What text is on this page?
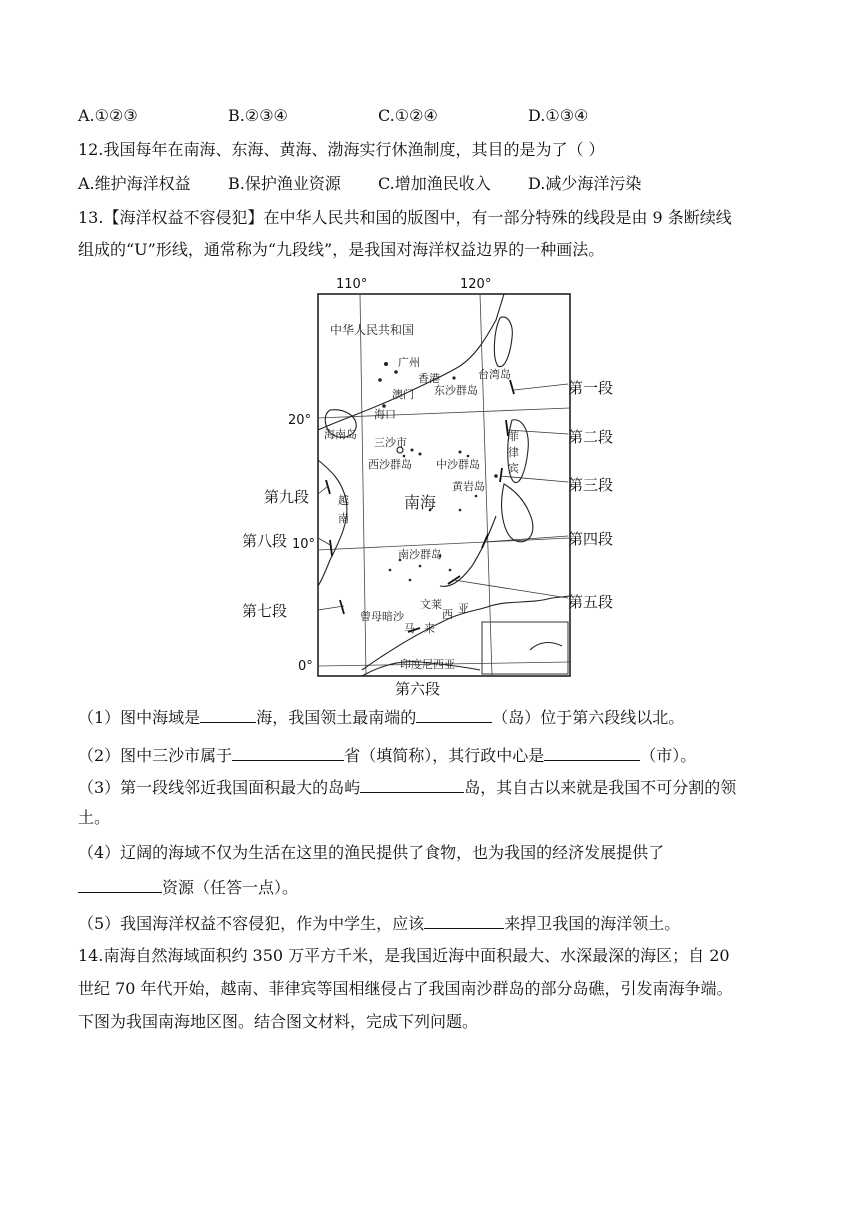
A.①②③	B.②③④	C.①②④	D.①③④
12.我国每年在南海、东海、黄海、渤海实行休渔制度，其目的是为了（ ）
A.维护海洋权益 B.保护渔业资源 C.增加渔民收入 D.减少海洋污染
13.【海洋权益不容侵犯】在中华人民共和国的版图中，有一部分特殊的线段是由 9 条断续线
组成的“U”形线，通常称为“九段线”，是我国对海洋权益边界的一种画法。
110°	120°
20°
10°
0°
中华人民共和国
广州
香港
澳门
台湾岛
东沙群岛
海口
海南岛
三沙市
西沙群岛 中沙群岛
黄岩岛
菲
律
宾
越
南
南海
南沙群岛
曾母暗沙
文莱
马 来
西 亚
印度尼西亚
第一段
第二段
第三段
第四段
第五段
第六段
第七段
第八段
第九段
（1）图中海域是	海，我国领土最南端的	（岛）位于第六段线以北。
（2）图中三沙市属于	省（填简称），其行政中心是	（市）。
（3）第一段线邻近我国面积最大的岛屿	岛，其自古以来就是我国不可分割的领
土。
（4）辽阔的海域不仅为生活在这里的渔民提供了食物，也为我国的经济发展提供了
资源（任答一点）。
（5）我国海洋权益不容侵犯，作为中学生，应该	来捍卫我国的海洋领土。
14.南海自然海域面积约 350 万平方千米，是我国近海中面积最大、水深最深的海区；自 20
世纪 70 年代开始，越南、菲律宾等国相继侵占了我国南沙群岛的部分岛礁，引发南海争端。
下图为我国南海地区图。结合图文材料，完成下列问题。
